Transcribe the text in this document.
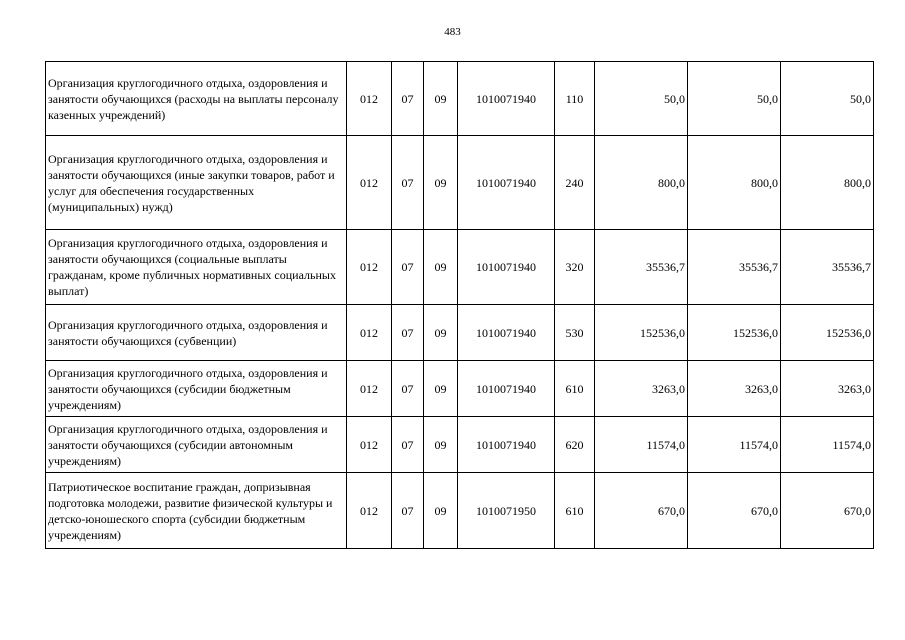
483
Организация круглогодичного отдыха, оздоровления и занятости обучающихся (расходы на выплаты персоналу казенных учреждений)	012	07	09	1010071940	110	50,0	50,0	50,0
Организация круглогодичного отдыха, оздоровления и занятости обучающихся (иные закупки товаров, работ и услуг для обеспечения государственных (муниципальных) нужд)	012	07	09	1010071940	240	800,0	800,0	800,0
Организация круглогодичного отдыха, оздоровления и занятости обучающихся (социальные выплаты гражданам, кроме публичных нормативных социальных выплат)	012	07	09	1010071940	320	35536,7	35536,7	35536,7
Организация круглогодичного отдыха, оздоровления и занятости обучающихся (субвенции)	012	07	09	1010071940	530	152536,0	152536,0	152536,0
Организация круглогодичного отдыха, оздоровления и занятости обучающихся (субсидии бюджетным учреждениям)	012	07	09	1010071940	610	3263,0	3263,0	3263,0
Организация круглогодичного отдыха, оздоровления и занятости обучающихся (субсидии автономным учреждениям)	012	07	09	1010071940	620	11574,0	11574,0	11574,0
Патриотическое воспитание граждан, допризывная подготовка молодежи, развитие физической культуры и детско-юношеского спорта (субсидии бюджетным учреждениям)	012	07	09	1010071950	610	670,0	670,0	670,0
